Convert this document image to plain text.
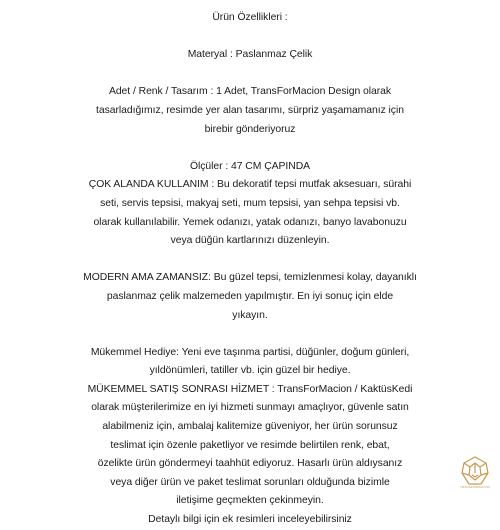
Ürün Özellikleri :

Materyal : Paslanmaz Çelik

Adet / Renk / Tasarım : 1 Adet, TransForMacion Design olarak

tasarladığımız, resimde yer alan tasarımı, sürpriz yaşamamanız için

birebir gönderiyoruz

Ölçüler : 47 CM ÇAPINDA

ÇOK ALANDA KULLANIM : Bu dekoratif tepsi mutfak aksesuarı, sürahi

seti, servis tepsisi, makyaj seti, mum tepsisi, yan sehpa tepsisi vb.

olarak kullanılabilir. Yemek odanızı, yatak odanızı, banyo lavabonuzu

veya düğün kartlarınızı düzenleyin.

MODERN AMA ZAMANSIZ: Bu güzel tepsi, temizlenmesi kolay, dayanıklı

paslanmaz çelik malzemeden yapılmıştır. En iyi sonuç için elde

yıkayın.

Mükemmel Hediye: Yeni eve taşınma partisi, düğünler, doğum günleri,

yıldönümleri, tatiller vb. için güzel bir hediye.

MÜKEMMEL SATIŞ SONRASI HİZMET : TransForMacion / KaktüsKedi

olarak müşterilerimize en iyi hizmeti sunmayı amaçlıyor, güvenle satın

alabilmeniz için, ambalaj kalitemize güveniyor, her ürün sorunsuz

teslimat için özenle paketliyor ve resimde belirtilen renk, ebat,

özelikte ürün göndermeyi taahhüt ediyoruz. Hasarlı ürün aldıysanız

veya diğer ürün ve paket teslimat sorunları olduğunda bizimle

iletişime geçmekten çekinmeyin.

Detaylı bilgi için ek resimleri inceleyebilirsiniz

TRANSFORMACION
